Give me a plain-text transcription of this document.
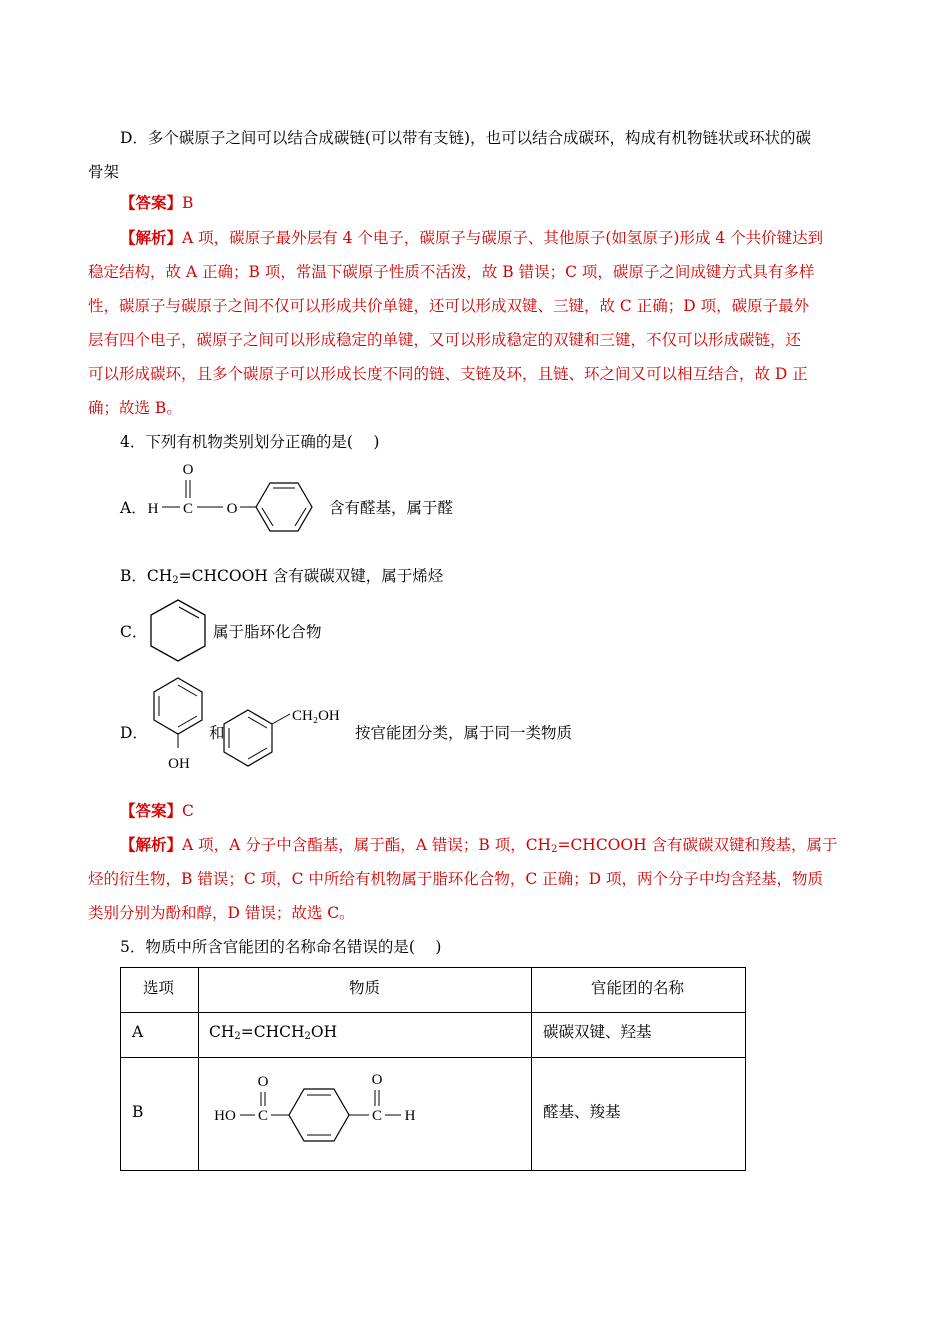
D．多个碳原子之间可以结合成碳链(可以带有支链)，也可以结合成碳环，构成有机物链状或环状的碳
骨架
【答案】B
【解析】A 项，碳原子最外层有 4 个电子，碳原子与碳原子、其他原子(如氢原子)形成 4 个共价键达到
稳定结构，故 A 正确；B 项，常温下碳原子性质不活泼，故 B 错误；C 项，碳原子之间成键方式具有多样
性，碳原子与碳原子之间不仅可以形成共价单键，还可以形成双键、三键，故 C 正确；D 项，碳原子最外
层有四个电子，碳原子之间可以形成稳定的单键，又可以形成稳定的双键和三键，不仅可以形成碳链，还
可以形成碳环，且多个碳原子可以形成长度不同的链、支链及环，且链、环之间又可以相互结合，故 D 正
确；故选 B。
4．下列有机物类别划分正确的是(　 )
A．
O
H C O	含有醛基，属于醛
B．$CH_2=CHCOOH$ 含有碳碳双键，属于烯烃
C．	属于脂环化合物
D．
OH
和
CH₂OH
按官能团分类，属于同一类物质
【答案】C
【解析】A 项，A 分子中含酯基，属于酯，A 错误；B 项，$CH_2=CHCOOH$ 含有碳碳双键和羧基，属于
烃的衍生物，B 错误；C 项，C 中所给有机物属于脂环化合物，C 正确；D 项，两个分子中均含羟基，物质
类别分别为酚和醇，D 错误；故选 C。
5．物质中所含官能团的名称命名错误的是(　 )
选项	物质	官能团的名称
A	$CH_2=CHCH_2OH$	碳碳双键、羟基
B
O
HO C
O
C H	醛基、羧基
